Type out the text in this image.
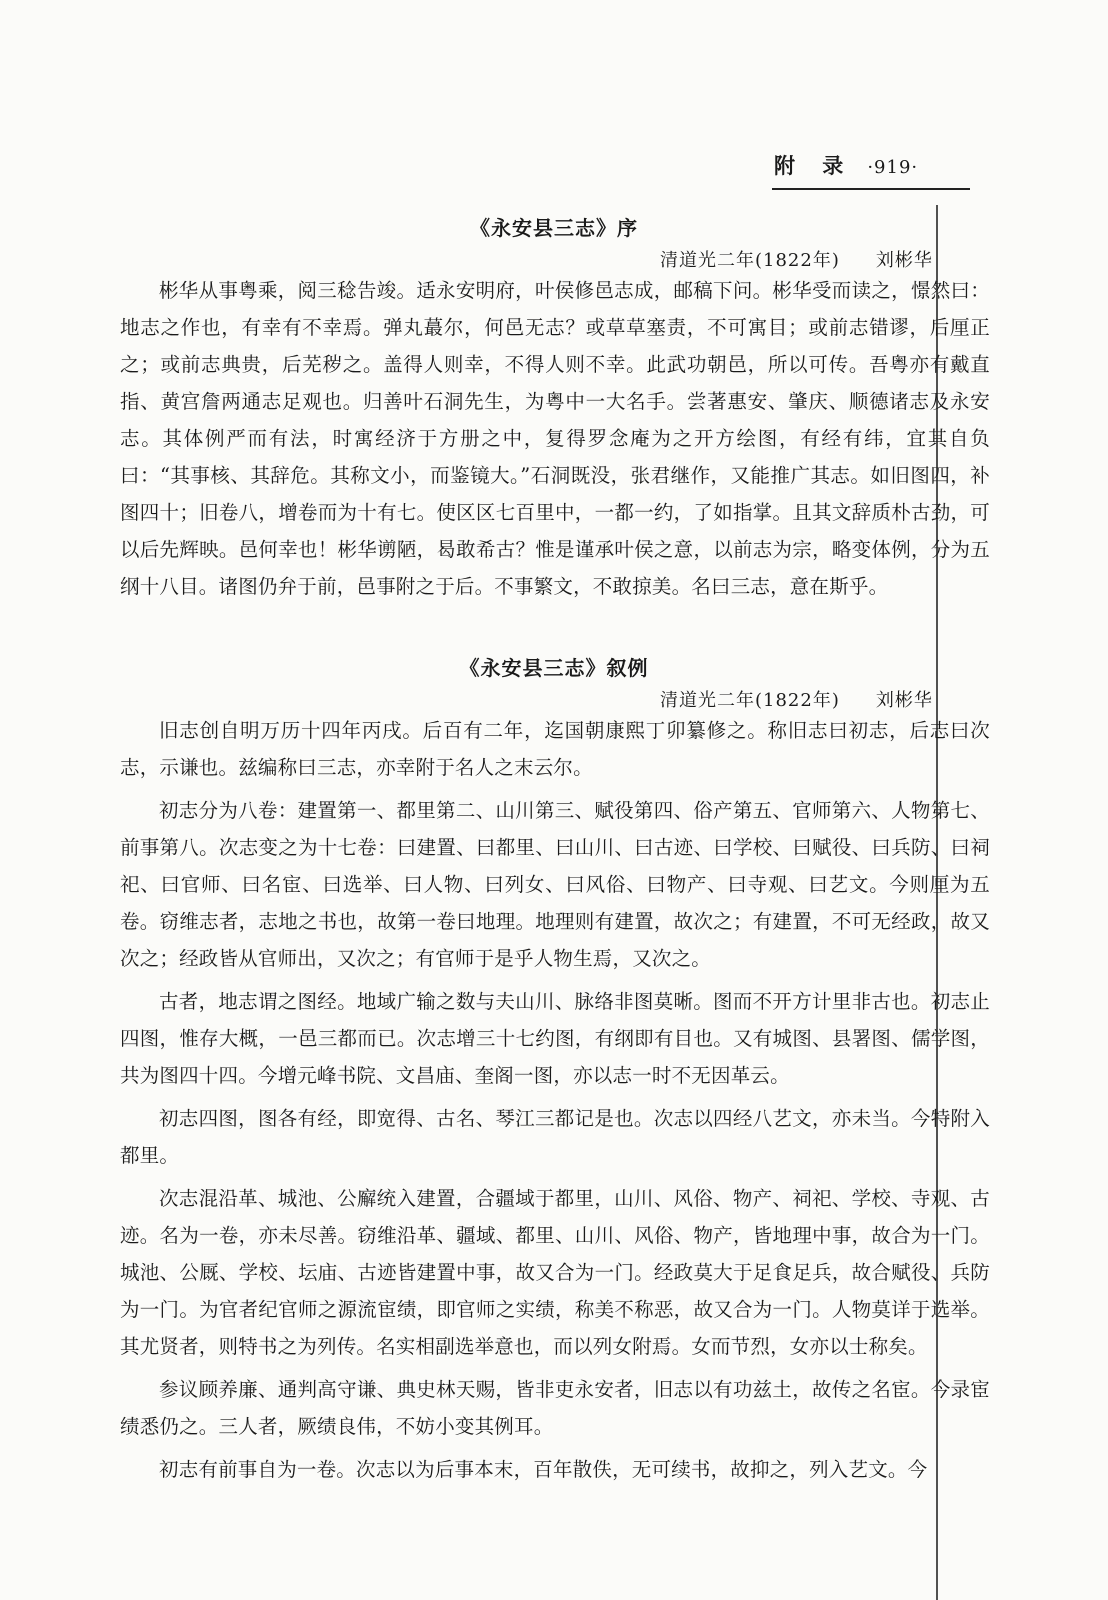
附 录 ·919·
《永安县三志》序
清道光二年(1822年) 刘彬华

彬华从事粤乘，阅三稔告竣。适永安明府，叶侯修邑志成，邮稿下问。彬华受而读之，憬然曰：地志之作也，有幸有不幸焉。弹丸蕞尔，何邑无志？或草草塞责，不可寓目；或前志错谬，后厘正之；或前志典贵，后芜秽之。盖得人则幸，不得人则不幸。此武功朝邑，所以可传。吾粤亦有戴直指、黄宫詹两通志足观也。归善叶石洞先生，为粤中一大名手。尝著惠安、肇庆、顺德诸志及永安志。其体例严而有法，时寓经济于方册之中，复得罗念庵为之开方绘图，有经有纬，宜其自负曰：“其事核、其辞危。其称文小，而鉴镜大。”石洞既没，张君继作，又能推广其志。如旧图四，补图四十；旧卷八，增卷而为十有七。使区区七百里中，一都一约，了如指掌。且其文辞质朴古劲，可以后先辉映。邑何幸也！彬华谫陋，曷敢希古？惟是谨承叶侯之意，以前志为宗，略变体例，分为五纲十八目。诸图仍弁于前，邑事附之于后。不事繁文，不敢掠美。名曰三志，意在斯乎。

《永安县三志》叙例
清道光二年(1822年) 刘彬华

旧志创自明万历十四年丙戌。后百有二年，迄国朝康熙丁卯纂修之。称旧志曰初志，后志曰次志，示谦也。兹编称曰三志，亦幸附于名人之末云尔。

初志分为八卷：建置第一、都里第二、山川第三、赋役第四、俗产第五、官师第六、人物第七、前事第八。次志变之为十七卷：曰建置、曰都里、曰山川、曰古迹、曰学校、曰赋役、曰兵防、曰祠祀、曰官师、曰名宦、曰选举、曰人物、曰列女、曰风俗、曰物产、曰寺观、曰艺文。今则厘为五卷。窃维志者，志地之书也，故第一卷曰地理。地理则有建置，故次之；有建置，不可无经政，故又次之；经政皆从官师出，又次之；有官师于是乎人物生焉，又次之。

古者，地志谓之图经。地域广输之数与夫山川、脉络非图莫晰。图而不开方计里非古也。初志止四图，惟存大概，一邑三都而已。次志增三十七约图，有纲即有目也。又有城图、县署图、儒学图，共为图四十四。今增元峰书院、文昌庙、奎阁一图，亦以志一时不无因革云。

初志四图，图各有经，即宽得、古名、琴江三都记是也。次志以四经八艺文，亦未当。今特附入都里。

次志混沿革、城池、公廨统入建置，合疆域于都里，山川、风俗、物产、祠祀、学校、寺观、古迹。名为一卷，亦未尽善。窃维沿革、疆域、都里、山川、风俗、物产，皆地理中事，故合为一门。城池、公厩、学校、坛庙、古迹皆建置中事，故又合为一门。经政莫大于足食足兵，故合赋役、兵防为一门。为官者纪官师之源流宦绩，即官师之实绩，称美不称恶，故又合为一门。人物莫详于选举。其尤贤者，则特书之为列传。名实相副选举意也，而以列女附焉。女而节烈，女亦以士称矣。

参议顾养廉、通判高守谦、典史林天赐，皆非吏永安者，旧志以有功兹土，故传之名宦。今录宦绩悉仍之。三人者，厥绩良伟，不妨小变其例耳。

初志有前事自为一卷。次志以为后事本末，百年散佚，无可续书，故抑之，列入艺文。今
